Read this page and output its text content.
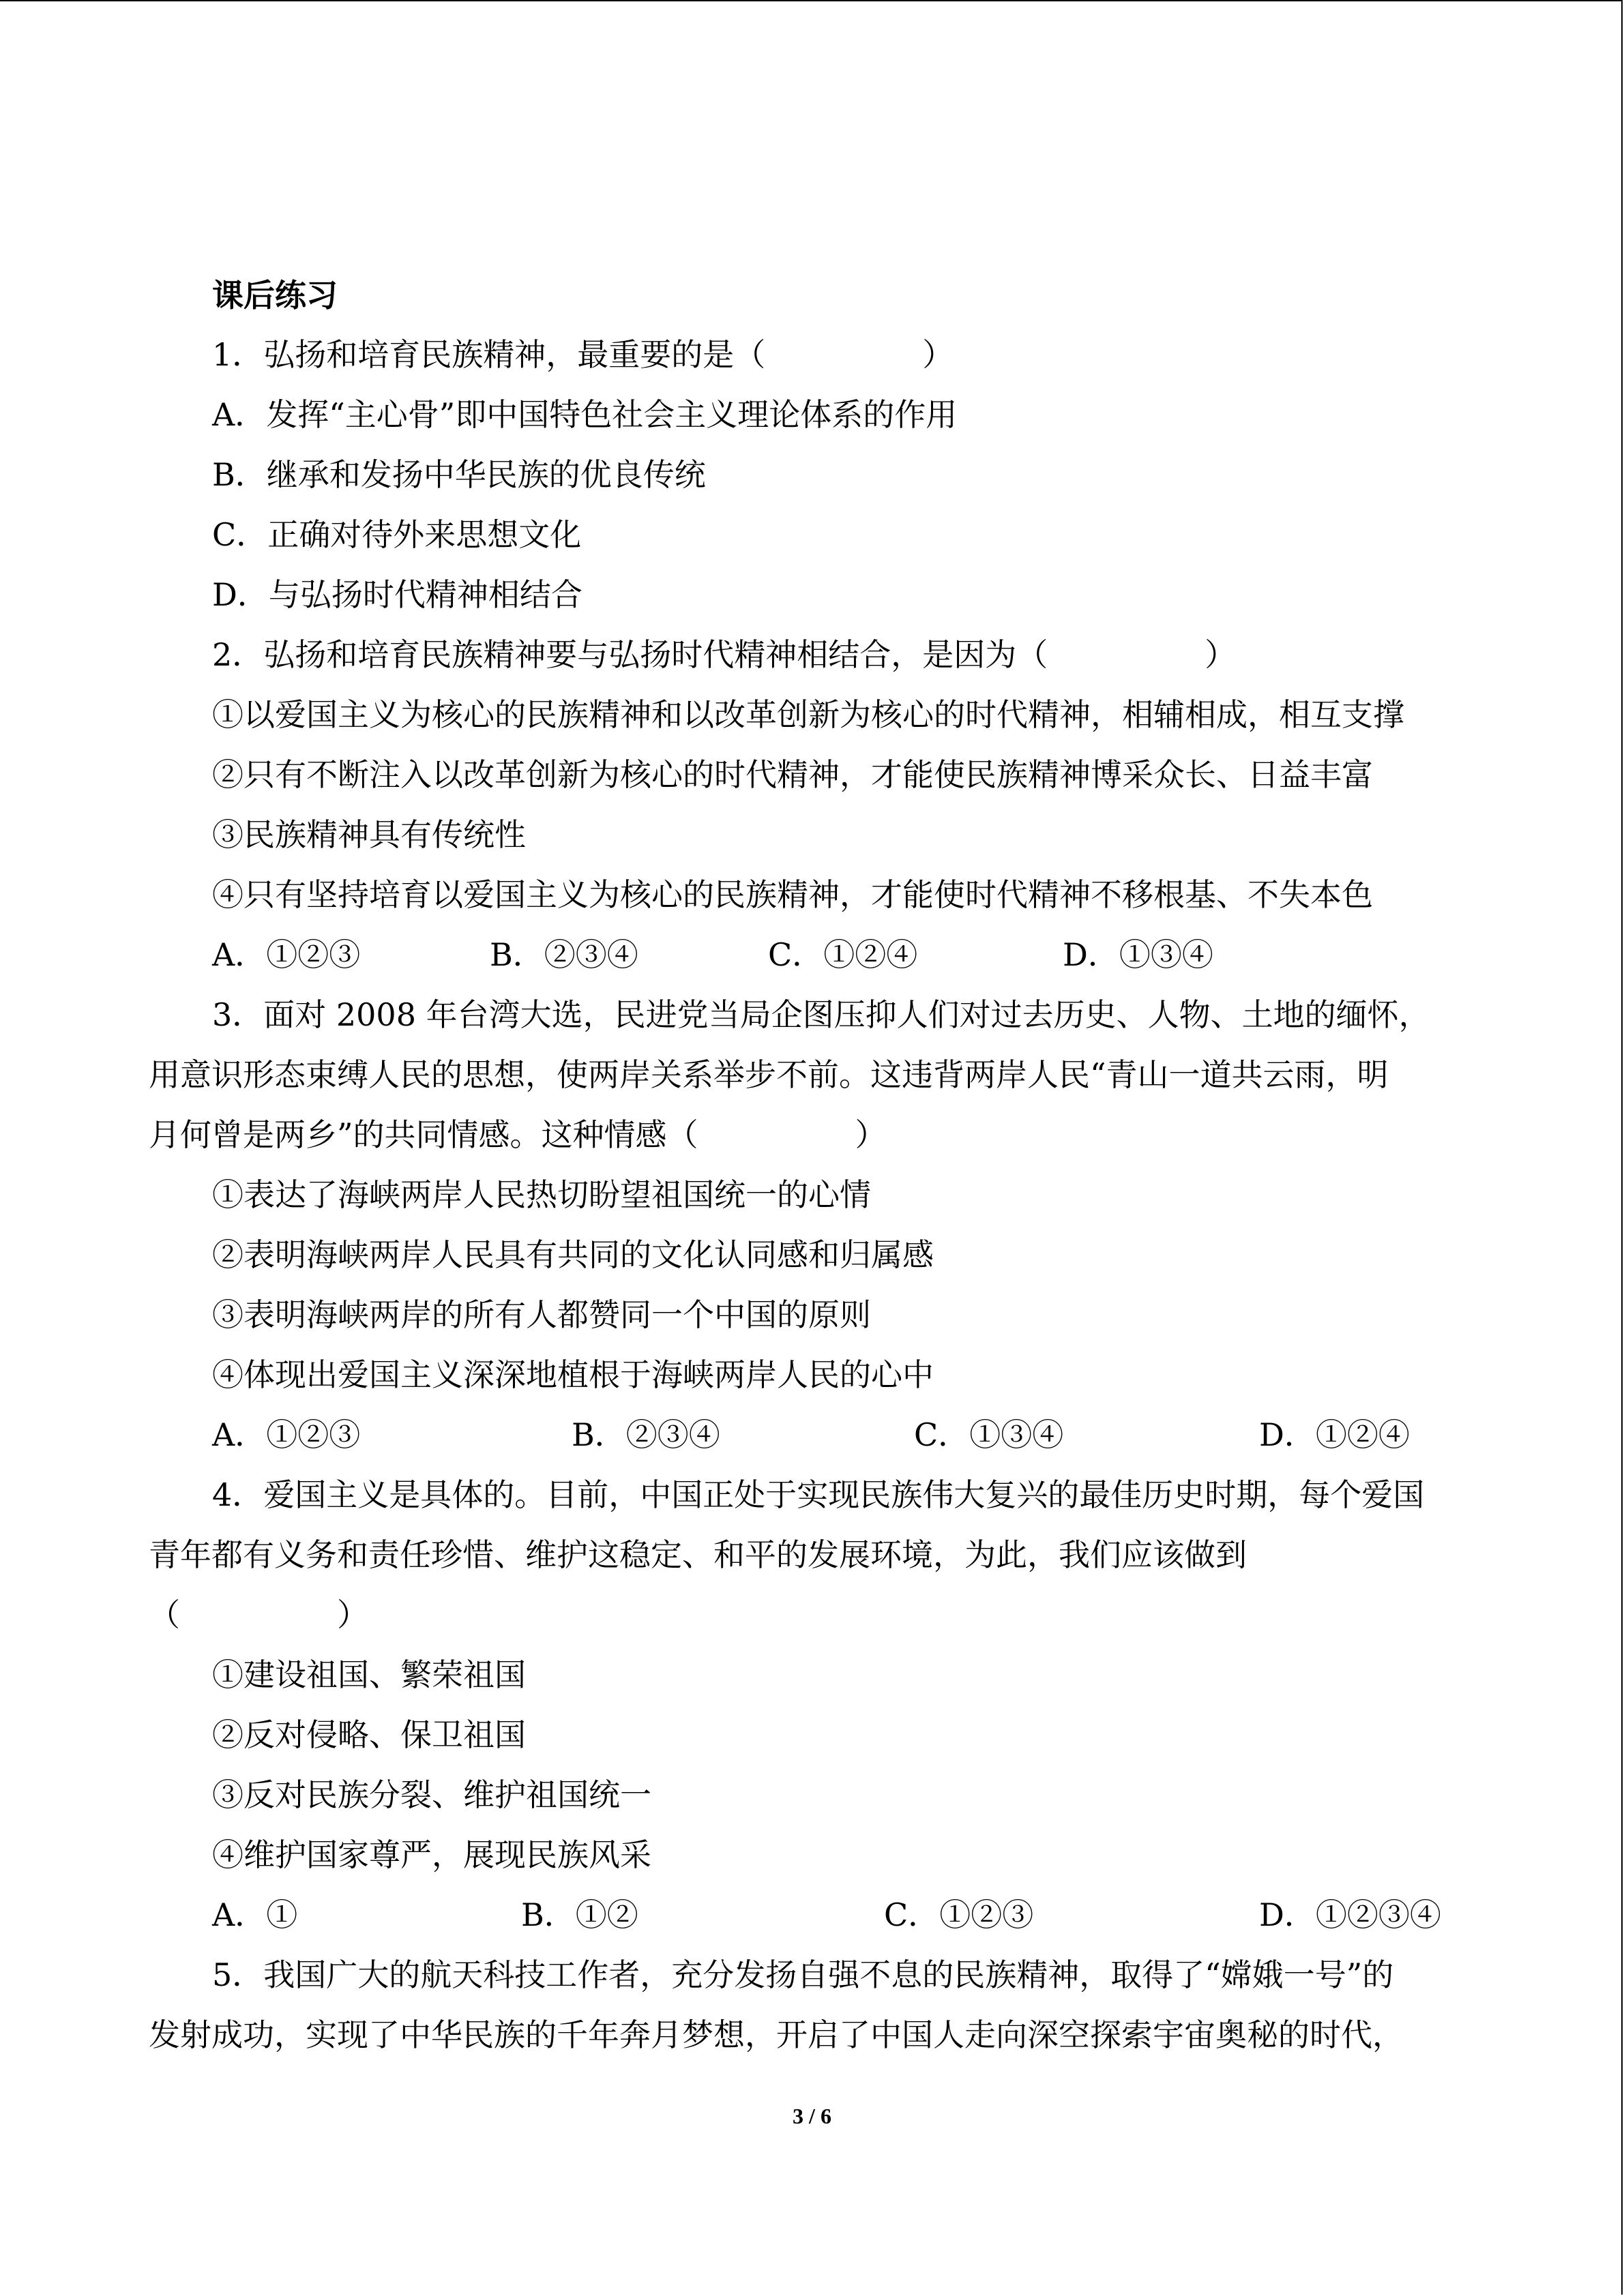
课后练习
1．弘扬和培育民族精神，最重要的是（　　　　　）
A．发挥“主心骨”即中国特色社会主义理论体系的作用
B．继承和发扬中华民族的优良传统
C．正确对待外来思想文化
D．与弘扬时代精神相结合
2．弘扬和培育民族精神要与弘扬时代精神相结合，是因为（　　　　　）
①以爱国主义为核心的民族精神和以改革创新为核心的时代精神，相辅相成，相互支撑
②只有不断注入以改革创新为核心的时代精神，才能使民族精神博采众长、日益丰富
③民族精神具有传统性
④只有坚持培育以爱国主义为核心的民族精神，才能使时代精神不移根基、不失本色
A．①②③	B．②③④	C．①②④	D．①③④
3．面对 2008 年台湾大选，民进党当局企图压抑人们对过去历史、人物、土地的缅怀，
用意识形态束缚人民的思想，使两岸关系举步不前。这违背两岸人民“青山一道共云雨，明
月何曾是两乡”的共同情感。这种情感（　　　　　）
①表达了海峡两岸人民热切盼望祖国统一的心情
②表明海峡两岸人民具有共同的文化认同感和归属感
③表明海峡两岸的所有人都赞同一个中国的原则
④体现出爱国主义深深地植根于海峡两岸人民的心中
A．①②③	B．②③④	C．①③④	D．①②④
4．爱国主义是具体的。目前，中国正处于实现民族伟大复兴的最佳历史时期，每个爱国
青年都有义务和责任珍惜、维护这稳定、和平的发展环境，为此，我们应该做到
（　　　　　）
①建设祖国、繁荣祖国
②反对侵略、保卫祖国
③反对民族分裂、维护祖国统一
④维护国家尊严，展现民族风采
A．①	B．①②	C．①②③	D．①②③④
5．我国广大的航天科技工作者，充分发扬自强不息的民族精神，取得了“嫦娥一号”的
发射成功，实现了中华民族的千年奔月梦想，开启了中国人走向深空探索宇宙奥秘的时代，
3 / 6
